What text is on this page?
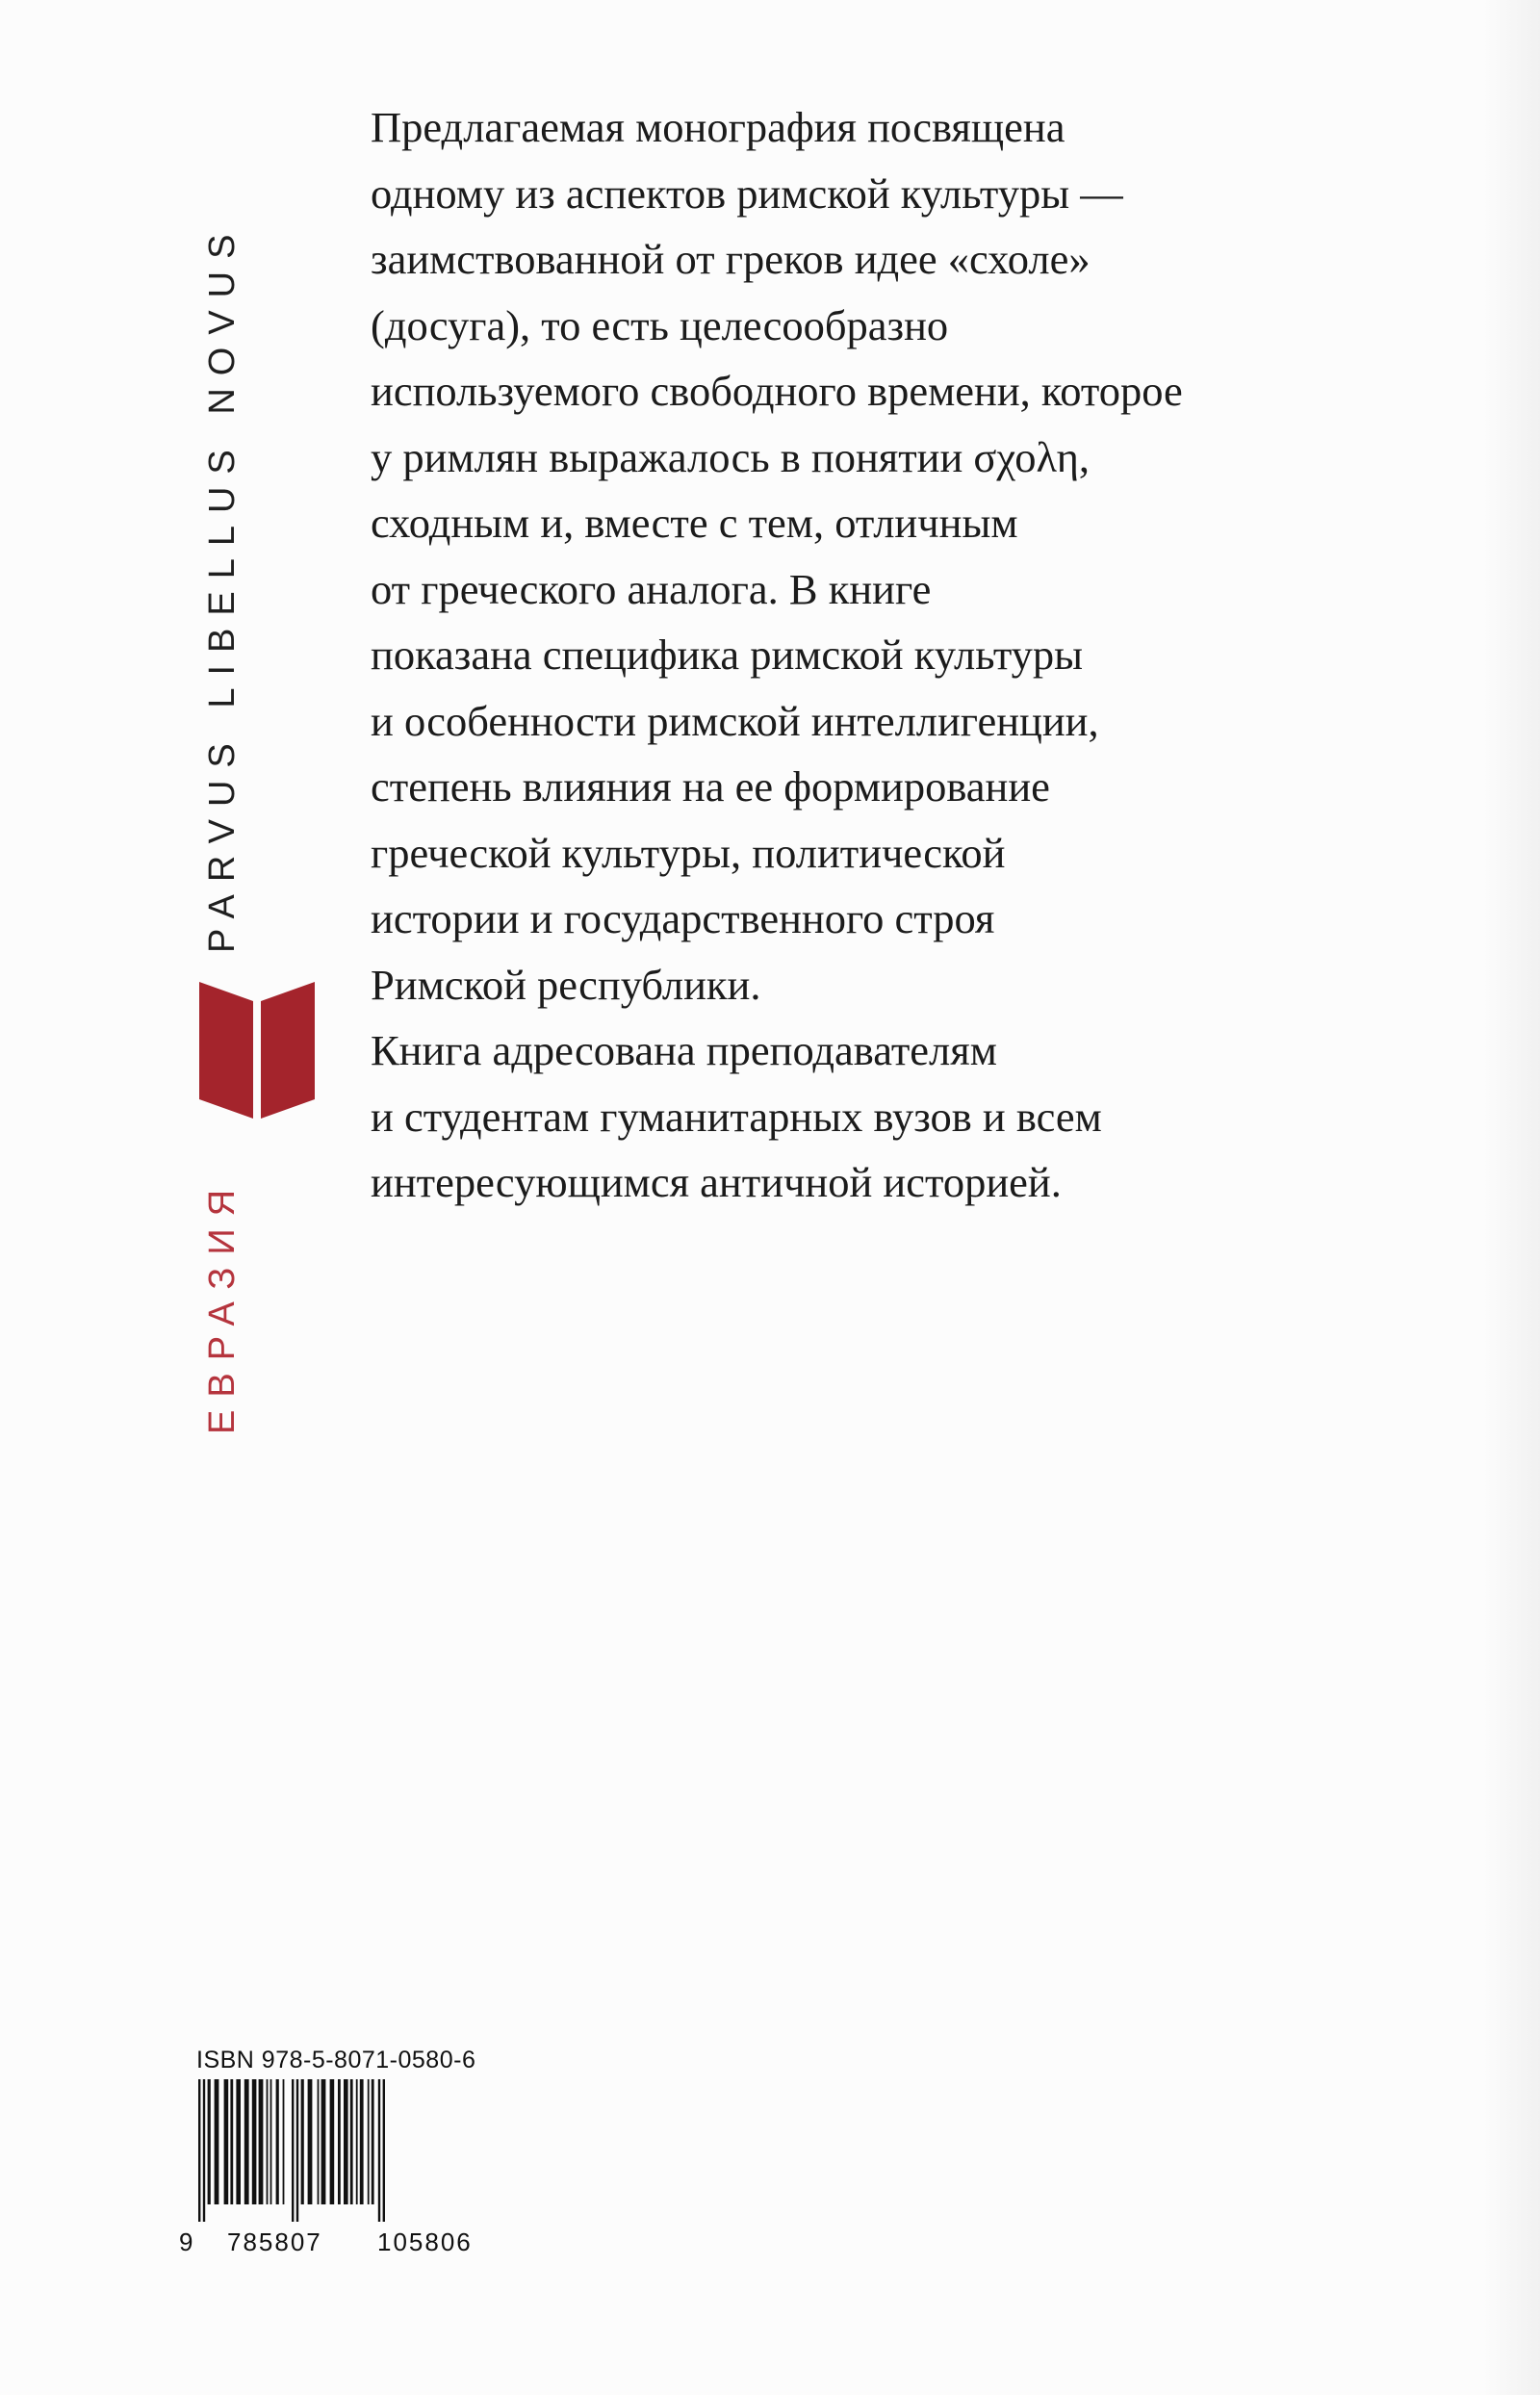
PARVUS LIBELLUS NOVUS
ЕВРАЗИЯ
Предлагаемая монография посвящена
одному из аспектов римской культуры —
заимствованной от греков идее «схоле»
(досуга), то есть целесообразно
используемого свободного времени, которое
у римлян выражалось в понятии σχολη,
сходным и, вместе с тем, отличным
от греческого аналога. В книге
показана специфика римской культуры
и особенности римской интеллигенции,
степень влияния на ее формирование
греческой культуры, политической
истории и государственного строя
Римской республики.
Книга адресована преподавателям
и студентам гуманитарных вузов и всем
интересующимся античной историей.
ISBN 978-5-8071-0580-6
9 785807 105806
